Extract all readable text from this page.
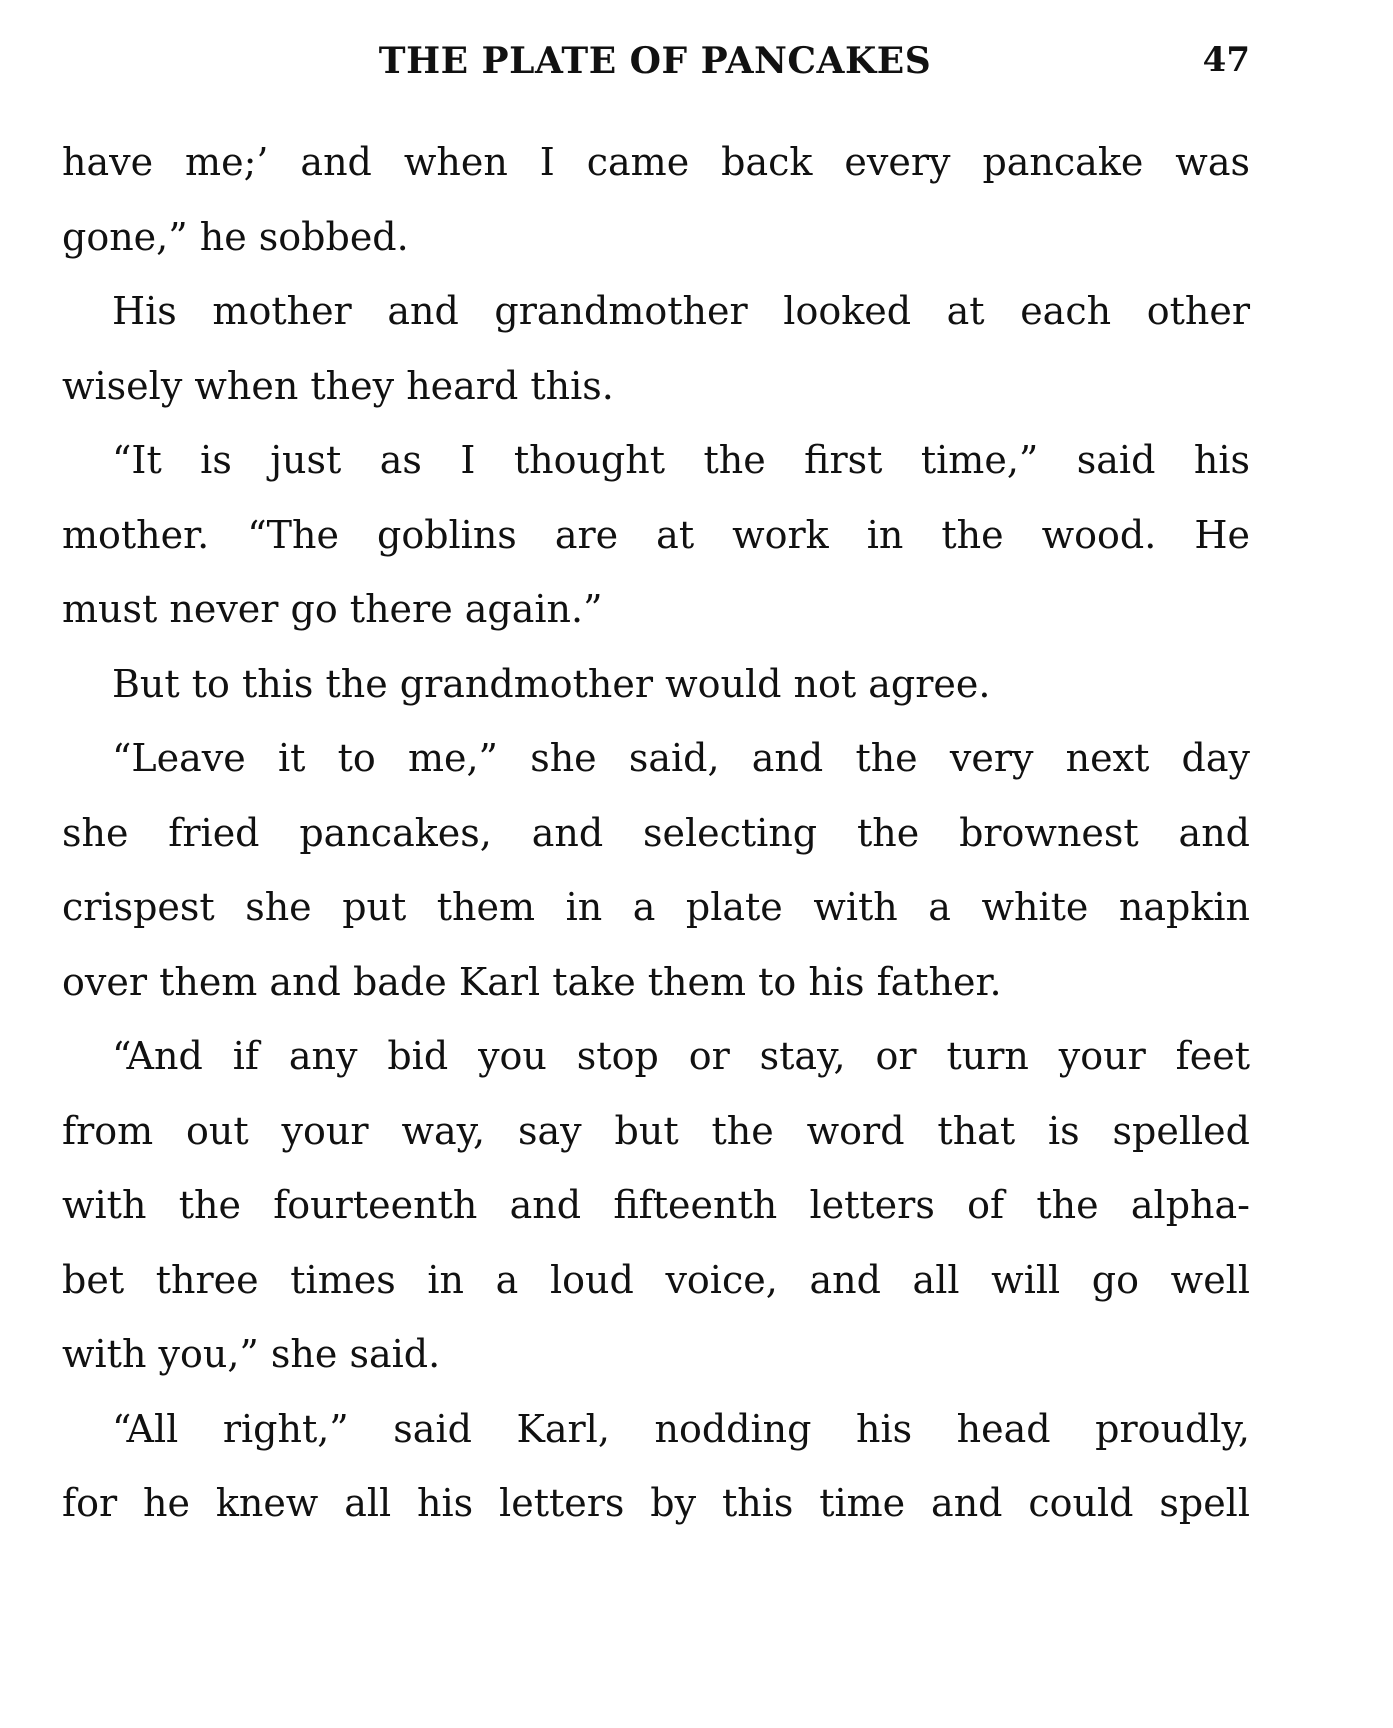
THE PLATE OF PANCAKES	47
have me;’ and when I came back every pancake was
gone,” he sobbed.
His mother and grandmother looked at each other
wisely when they heard this.
“It is just as I thought the first time,” said his
mother. “The goblins are at work in the wood. He
must never go there again.”
But to this the grandmother would not agree.
“Leave it to me,” she said, and the very next day
she fried pancakes, and selecting the brownest and
crispest she put them in a plate with a white napkin
over them and bade Karl take them to his father.
“And if any bid you stop or stay, or turn your feet
from out your way, say but the word that is spelled
with the fourteenth and fifteenth letters of the alpha-
bet three times in a loud voice, and all will go well
with you,” she said.
“All right,” said Karl, nodding his head proudly,
for he knew all his letters by this time and could spell
